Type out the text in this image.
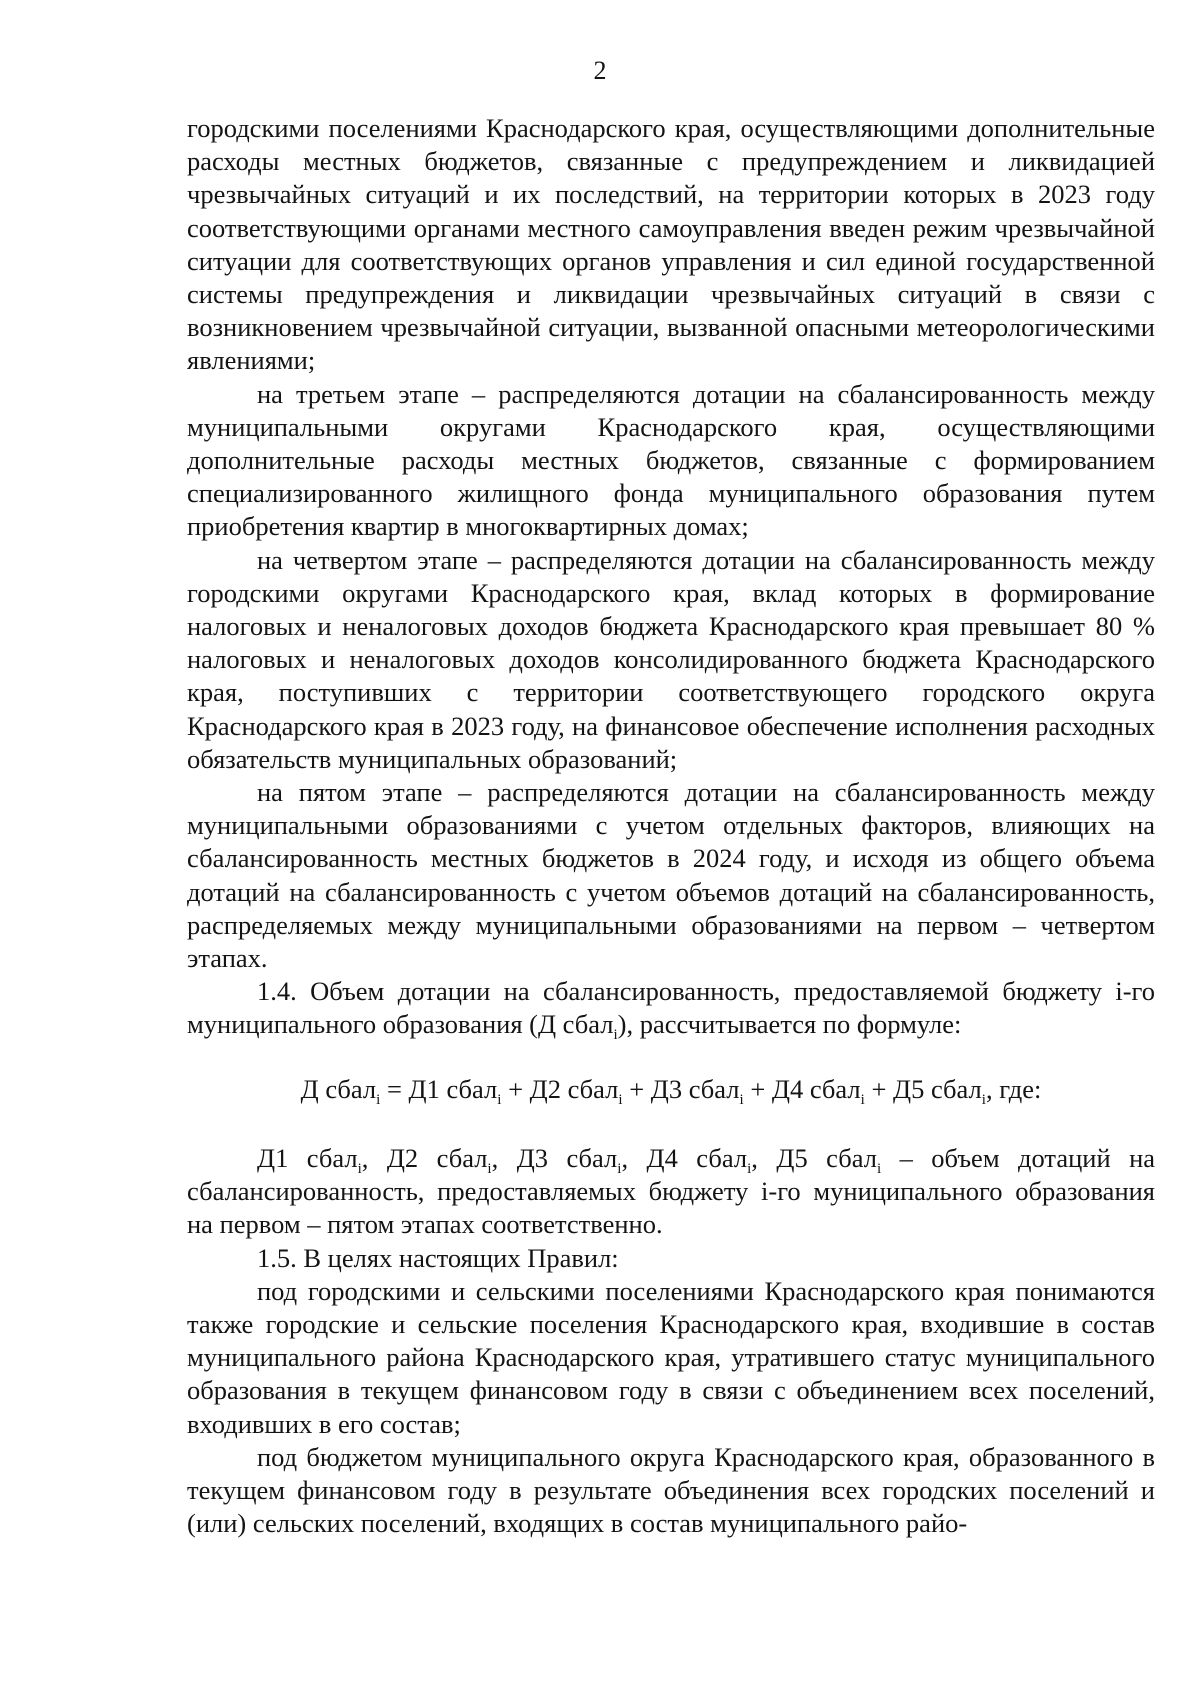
2

городскими поселениями Краснодарского края, осуществляющими дополнительные расходы местных бюджетов, связанные с предупреждением и ликвидацией чрезвычайных ситуаций и их последствий, на территории которых в 2023 году соответствующими органами местного самоуправления введен режим чрезвычайной ситуации для соответствующих органов управления и сил единой государственной системы предупреждения и ликвидации чрезвычайных ситуаций в связи с возникновением чрезвычайной ситуации, вызванной опасными метеорологическими явлениями;

на третьем этапе – распределяются дотации на сбалансированность между муниципальными округами Краснодарского края, осуществляющими дополнительные расходы местных бюджетов, связанные с формированием специализированного жилищного фонда муниципального образования путем приобретения квартир в многоквартирных домах;

на четвертом этапе – распределяются дотации на сбалансированность между городскими округами Краснодарского края, вклад которых в формирование налоговых и неналоговых доходов бюджета Краснодарского края превышает 80 % налоговых и неналоговых доходов консолидированного бюджета Краснодарского края, поступивших с территории соответствующего городского округа Краснодарского края в 2023 году, на финансовое обеспечение исполнения расходных обязательств муниципальных образований;

на пятом этапе – распределяются дотации на сбалансированность между муниципальными образованиями с учетом отдельных факторов, влияющих на сбалансированность местных бюджетов в 2024 году, и исходя из общего объема дотаций на сбалансированность с учетом объемов дотаций на сбалансированность, распределяемых между муниципальными образованиями на первом – четвертом этапах.

1.4. Объем дотации на сбалансированность, предоставляемой бюджету i-го муниципального образования (Д сбал$_i$), рассчитывается по формуле:

Д сбал$_i$ = Д1 сбал$_i$ + Д2 сбал$_i$ + Д3 сбал$_i$ + Д4 сбал$_i$ + Д5 сбал$_i$, где:

Д1 сбал$_i$, Д2 сбал$_i$, Д3 сбал$_i$, Д4 сбал$_i$, Д5 сбал$_i$ – объем дотаций на сбалансированность, предоставляемых бюджету i-го муниципального образования на первом – пятом этапах соответственно.

1.5. В целях настоящих Правил:

под городскими и сельскими поселениями Краснодарского края понимаются также городские и сельские поселения Краснодарского края, входившие в состав муниципального района Краснодарского края, утратившего статус муниципального образования в текущем финансовом году в связи с объединением всех поселений, входивших в его состав;

под бюджетом муниципального округа Краснодарского края, образованного в текущем финансовом году в результате объединения всех городских поселений и (или) сельских поселений, входящих в состав муниципального райо-
